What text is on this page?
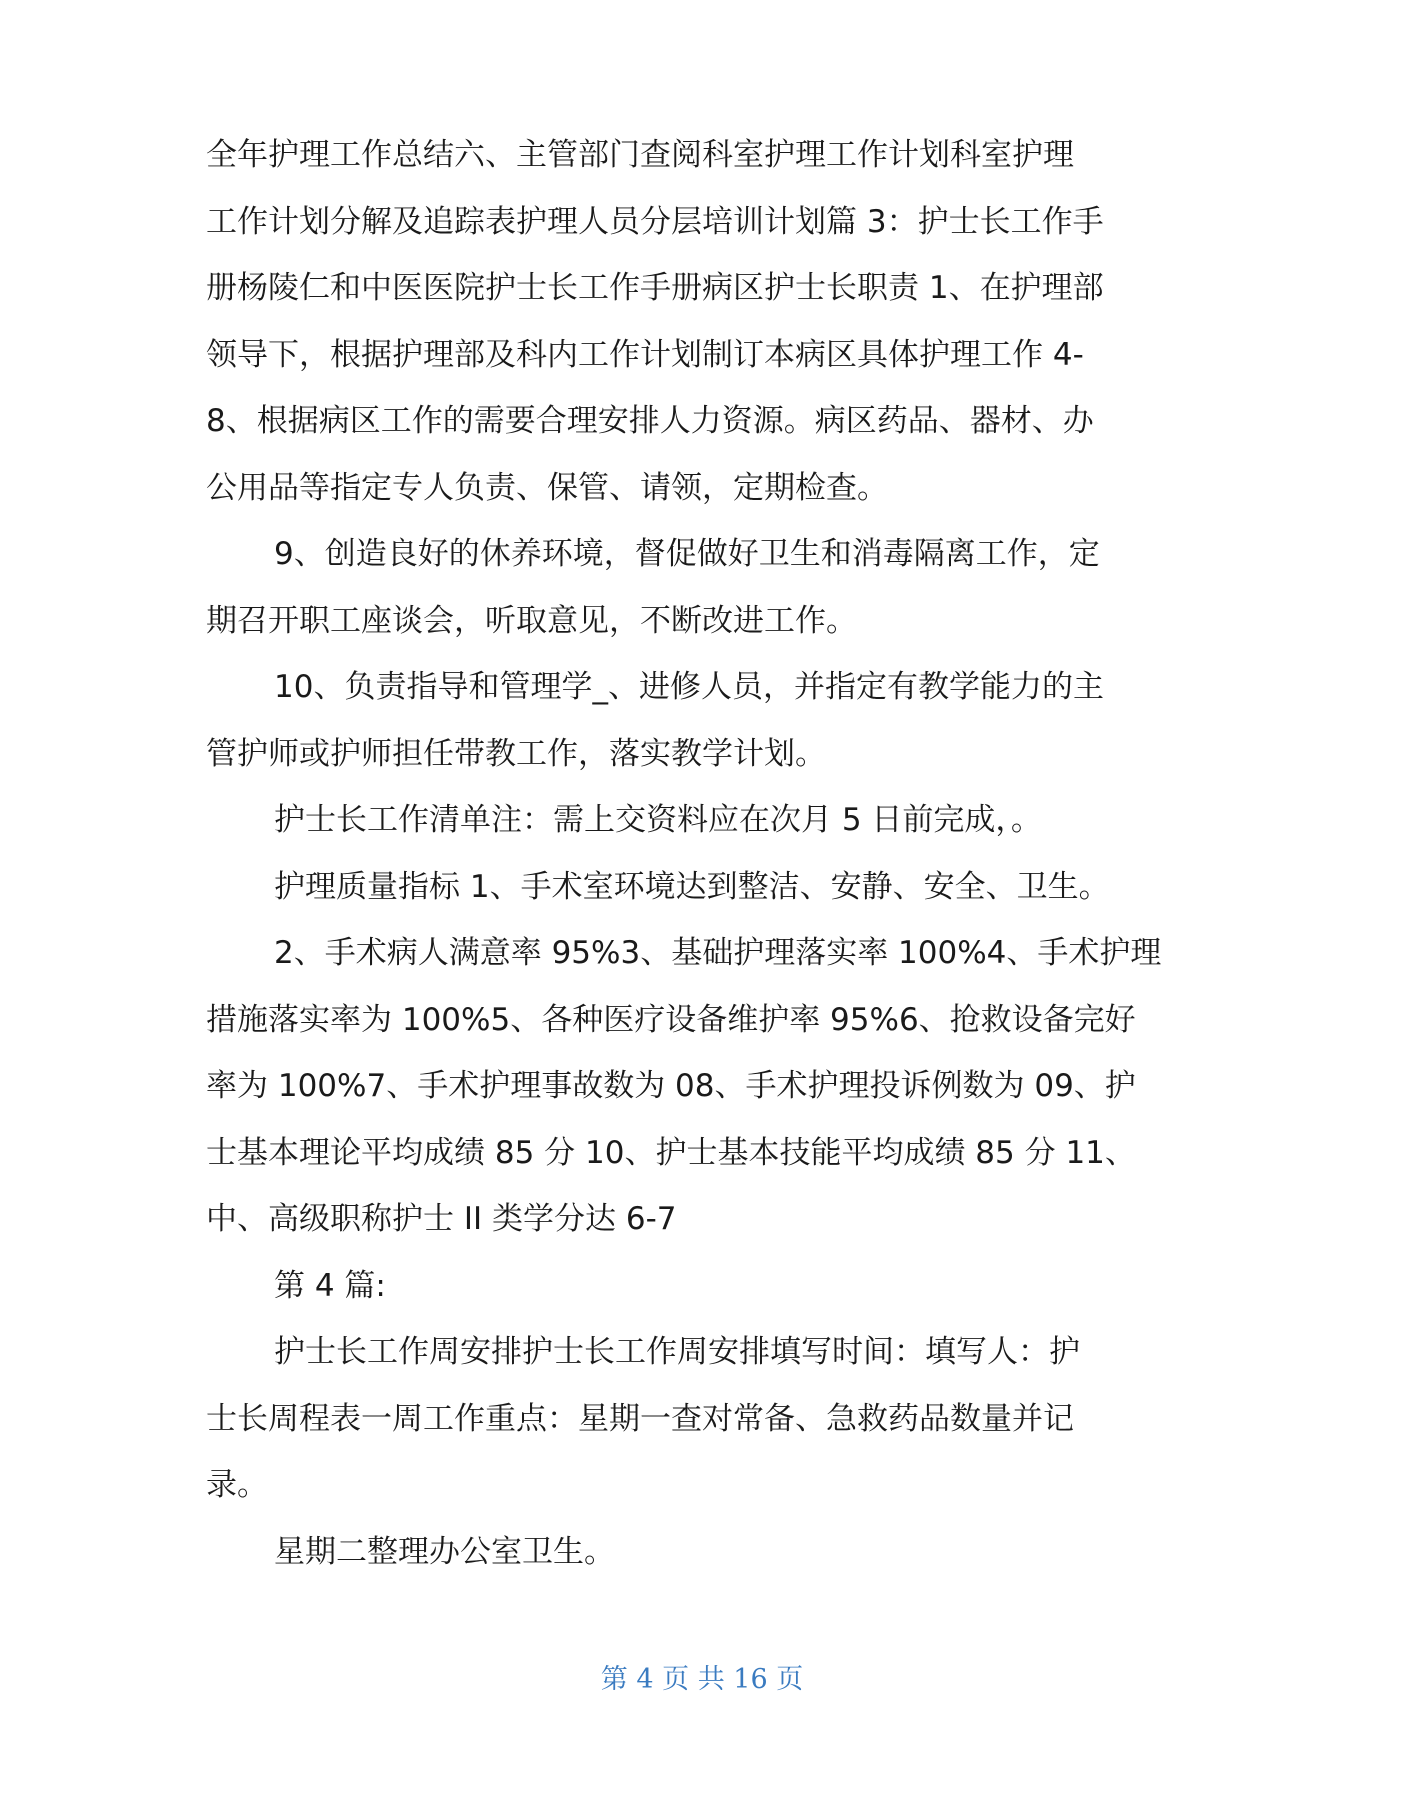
全年护理工作总结六、主管部门查阅科室护理工作计划科室护理
工作计划分解及追踪表护理人员分层培训计划篇 3：护士长工作手
册杨陵仁和中医医院护士长工作手册病区护士长职责 1、在护理部
领导下，根据护理部及科内工作计划制订本病区具体护理工作 4-
8、根据病区工作的需要合理安排人力资源。病区药品、器材、办
公用品等指定专人负责、保管、请领，定期检查。
9、创造良好的休养环境，督促做好卫生和消毒隔离工作，定
期召开职工座谈会，听取意见，不断改进工作。
10、负责指导和管理学_、进修人员，并指定有教学能力的主
管护师或护师担任带教工作，落实教学计划。
护士长工作清单注：需上交资料应在次月 5 日前完成，。
护理质量指标 1、手术室环境达到整洁、安静、安全、卫生。
2、手术病人满意率 95%3、基础护理落实率 100%4、手术护理
措施落实率为 100%5、各种医疗设备维护率 95%6、抢救设备完好
率为 100%7、手术护理事故数为 08、手术护理投诉例数为 09、护
士基本理论平均成绩 85 分 10、护士基本技能平均成绩 85 分 11、
中、高级职称护士 II 类学分达 6-7
第 4 篇:
护士长工作周安排护士长工作周安排填写时间：填写人：护
士长周程表一周工作重点：星期一查对常备、急救药品数量并记
录。
星期二整理办公室卫生。
第 4 页 共 16 页
